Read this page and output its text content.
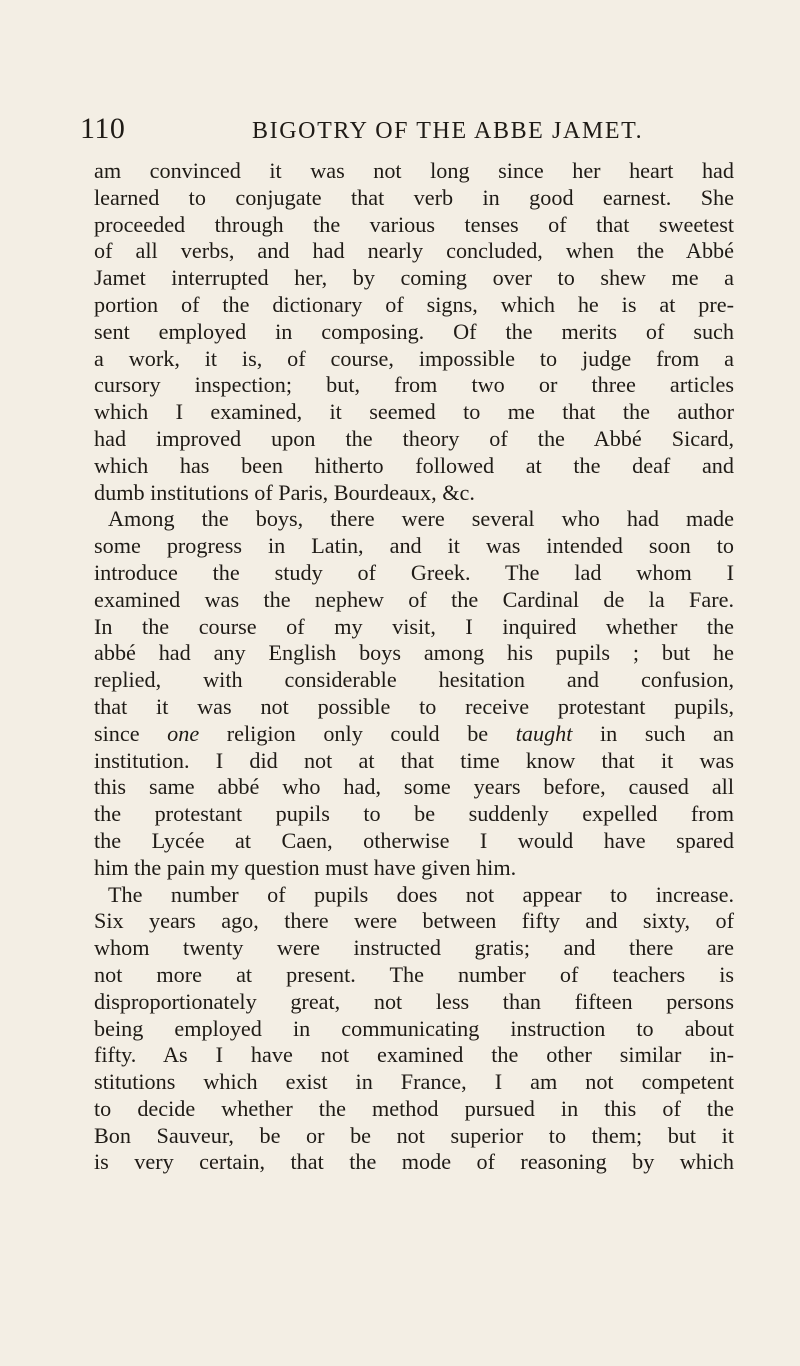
110	BIGOTRY OF THE ABBE JAMET.
am convinced it was not long since her heart had
learned to conjugate that verb in good earnest. She
proceeded through the various tenses of that sweetest
of all verbs, and had nearly concluded, when the Abbé
Jamet interrupted her, by coming over to shew me a
portion of the dictionary of signs, which he is at pre-
sent employed in composing. Of the merits of such
a work, it is, of course, impossible to judge from a
cursory inspection; but, from two or three articles
which I examined, it seemed to me that the author
had improved upon the theory of the Abbé Sicard,
which has been hitherto followed at the deaf and
dumb institutions of Paris, Bourdeaux, &c.
Among the boys, there were several who had made
some progress in Latin, and it was intended soon to
introduce the study of Greek. The lad whom I
examined was the nephew of the Cardinal de la Fare.
In the course of my visit, I inquired whether the
abbé had any English boys among his pupils ; but he
replied, with considerable hesitation and confusion,
that it was not possible to receive protestant pupils,
since one religion only could be taught in such an
institution. I did not at that time know that it was
this same abbé who had, some years before, caused all
the protestant pupils to be suddenly expelled from
the Lycée at Caen, otherwise I would have spared
him the pain my question must have given him.
The number of pupils does not appear to increase.
Six years ago, there were between fifty and sixty, of
whom twenty were instructed gratis; and there are
not more at present. The number of teachers is
disproportionately great, not less than fifteen persons
being employed in communicating instruction to about
fifty. As I have not examined the other similar in-
stitutions which exist in France, I am not competent
to decide whether the method pursued in this of the
Bon Sauveur, be or be not superior to them; but it
is very certain, that the mode of reasoning by which
